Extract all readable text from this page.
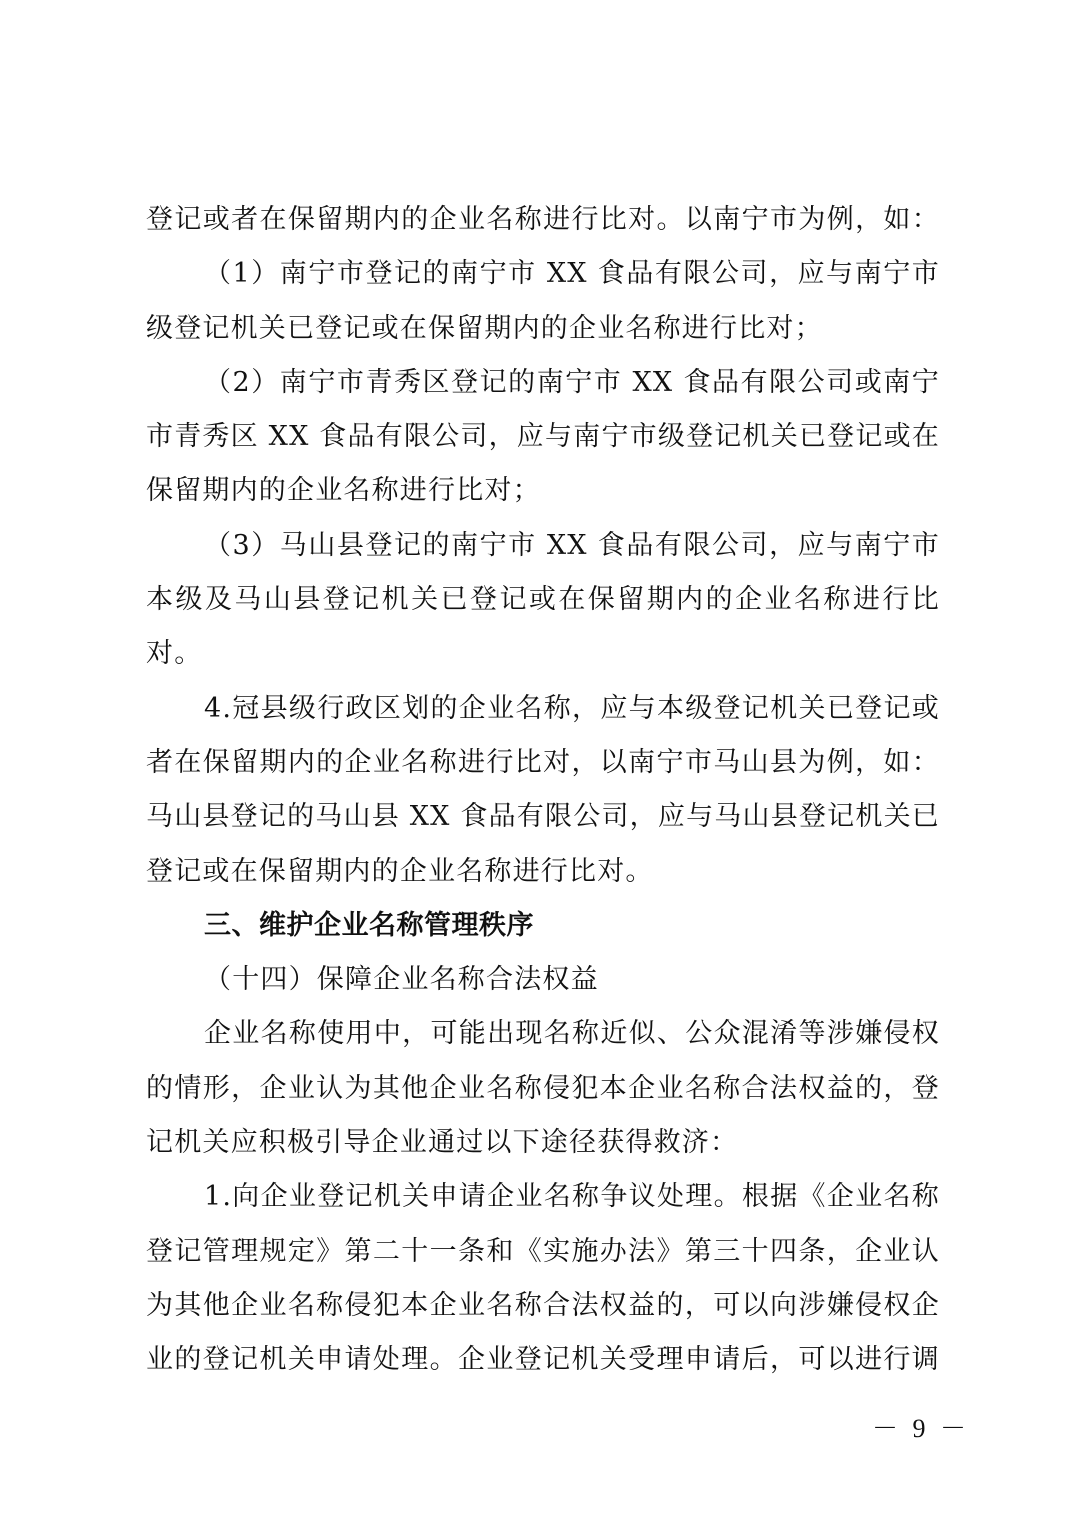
登记或者在保留期内的企业名称进行比对。以南宁市为例，如：
（1）南宁市登记的南宁市 XX 食品有限公司，应与南宁市
级登记机关已登记或在保留期内的企业名称进行比对；
（2）南宁市青秀区登记的南宁市 XX 食品有限公司或南宁
市青秀区 XX 食品有限公司，应与南宁市级登记机关已登记或在
保留期内的企业名称进行比对；
（3）马山县登记的南宁市 XX 食品有限公司，应与南宁市
本级及马山县登记机关已登记或在保留期内的企业名称进行比
对。
4.冠县级行政区划的企业名称，应与本级登记机关已登记或
者在保留期内的企业名称进行比对，以南宁市马山县为例，如：
马山县登记的马山县 XX 食品有限公司，应与马山县登记机关已
登记或在保留期内的企业名称进行比对。
三、维护企业名称管理秩序
（十四）保障企业名称合法权益
企业名称使用中，可能出现名称近似、公众混淆等涉嫌侵权
的情形，企业认为其他企业名称侵犯本企业名称合法权益的，登
记机关应积极引导企业通过以下途径获得救济：
1.向企业登记机关申请企业名称争议处理。根据《企业名称
登记管理规定》第二十一条和《实施办法》第三十四条，企业认
为其他企业名称侵犯本企业名称合法权益的，可以向涉嫌侵权企
业的登记机关申请处理。企业登记机关受理申请后，可以进行调
－ 9 －
